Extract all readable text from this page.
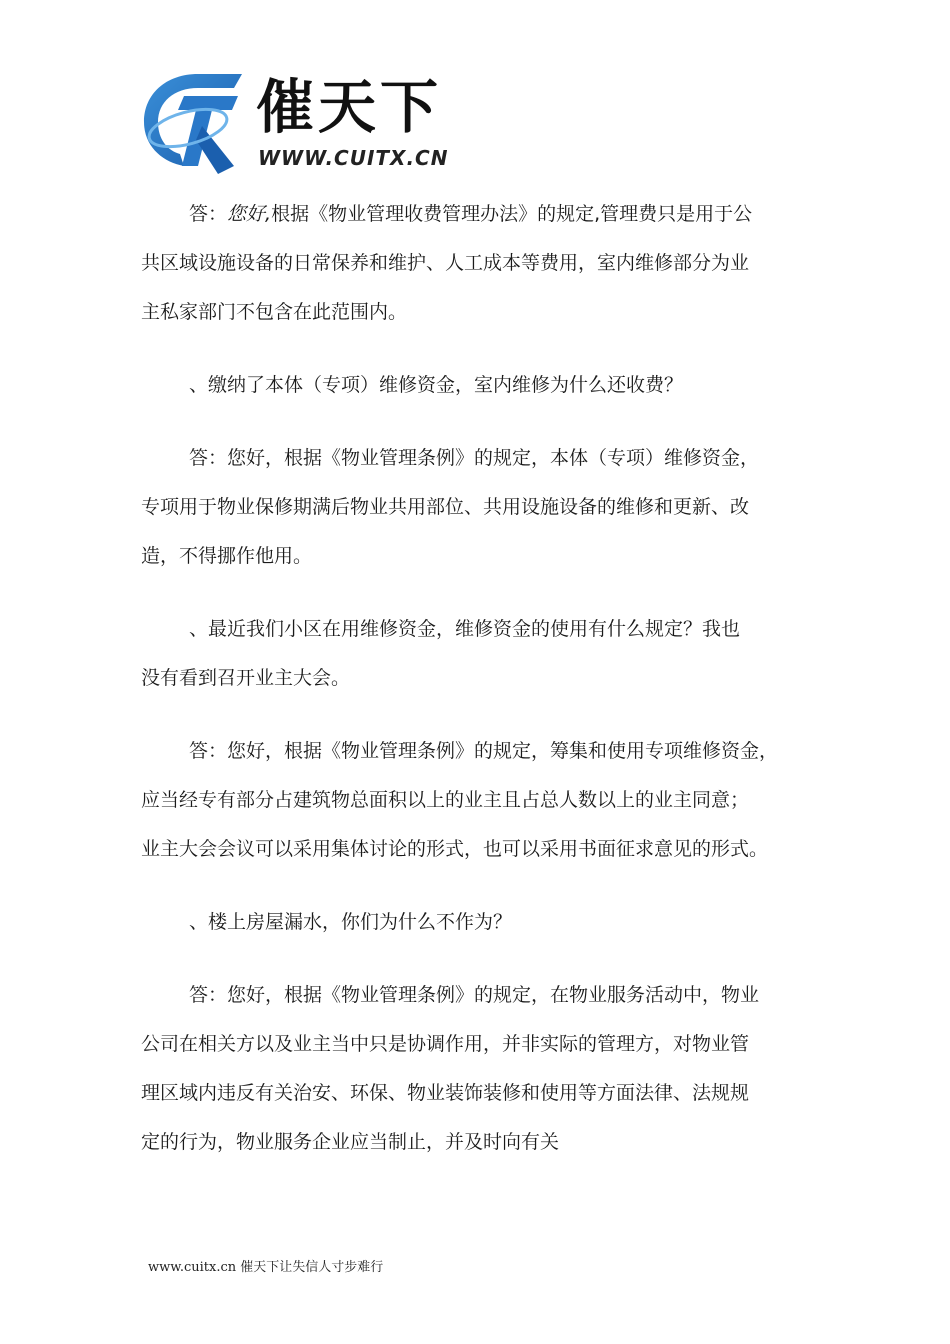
催天下
WWW.CUITX.CN

答：您好,根据《物业管理收费管理办法》的规定,管理费只是用于公
共区域设施设备的日常保养和维护、人工成本等费用，室内维修部分为业
主私家部门不包含在此范围内。

、缴纳了本体（专项）维修资金，室内维修为什么还收费？

答：您好，根据《物业管理条例》的规定，本体（专项）维修资金，
专项用于物业保修期满后物业共用部位、共用设施设备的维修和更新、改
造，不得挪作他用。

、最近我们小区在用维修资金，维修资金的使用有什么规定？我也
没有看到召开业主大会。

答：您好，根据《物业管理条例》的规定，筹集和使用专项维修资金，
应当经专有部分占建筑物总面积以上的业主且占总人数以上的业主同意；
业主大会会议可以采用集体讨论的形式，也可以采用书面征求意见的形式。

、楼上房屋漏水，你们为什么不作为？

答：您好，根据《物业管理条例》的规定，在物业服务活动中，物业
公司在相关方以及业主当中只是协调作用，并非实际的管理方，对物业管
理区域内违反有关治安、环保、物业装饰装修和使用等方面法律、法规规
定的行为，物业服务企业应当制止，并及时向有关

www.cuitx.cn 催天下让失信人寸步难行
